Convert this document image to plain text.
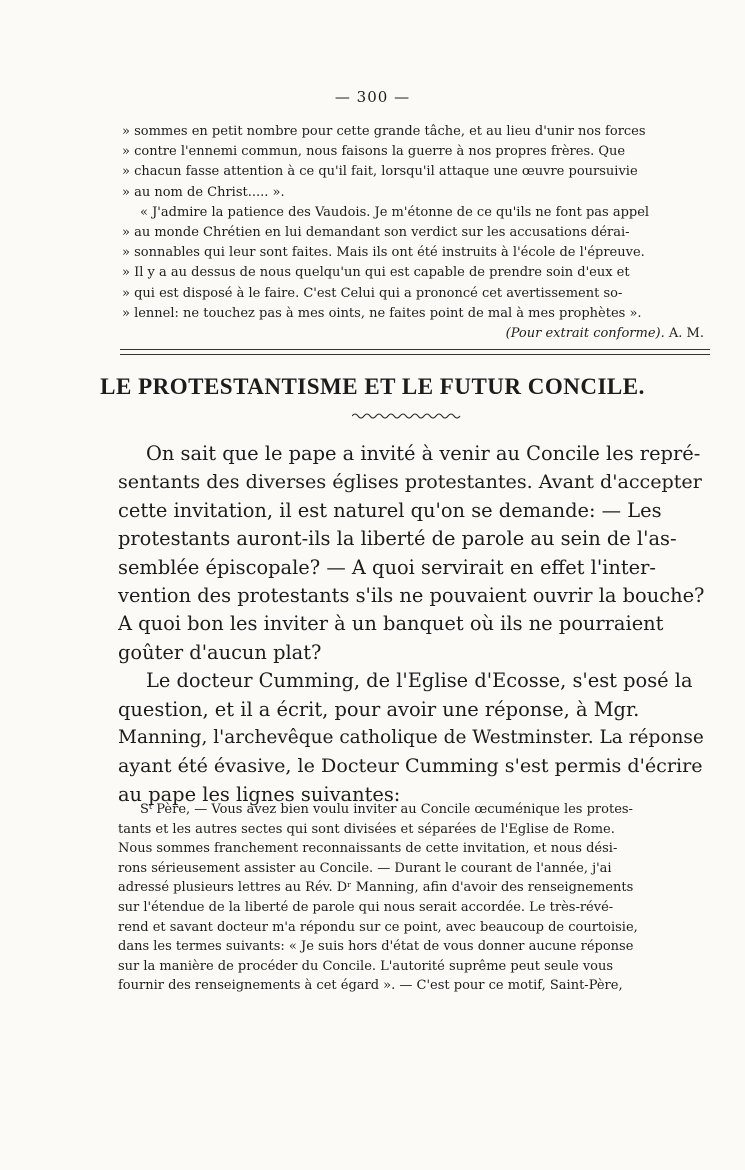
— 300 —
» sommes en petit nombre pour cette grande tâche, et au lieu d'unir nos forces
» contre l'ennemi commun, nous faisons la guerre à nos propres frères. Que
» chacun fasse attention à ce qu'il fait, lorsqu'il attaque une œuvre poursuivie
» au nom de Christ..... ».
« J'admire la patience des Vaudois. Je m'étonne de ce qu'ils ne font pas appel
» au monde Chrétien en lui demandant son verdict sur les accusations dérai-
» sonnables qui leur sont faites. Mais ils ont été instruits à l'école de l'épreuve.
» Il y a au dessus de nous quelqu'un qui est capable de prendre soin d'eux et
» qui est disposé à le faire. C'est Celui qui a prononcé cet avertissement so-
» lennel: ne touchez pas à mes oints, ne faites point de mal à mes prophètes ».
(Pour extrait conforme). A. M.
LE PROTESTANTISME ET LE FUTUR CONCILE.
On sait que le pape a invité à venir au Concile les repré-
sentants des diverses églises protestantes. Avant d'accepter
cette invitation, il est naturel qu'on se demande: — Les
protestants auront-ils la liberté de parole au sein de l'as-
semblée épiscopale? — A quoi servirait en effet l'inter-
vention des protestants s'ils ne pouvaient ouvrir la bouche?
A quoi bon les inviter à un banquet où ils ne pourraient
goûter d'aucun plat?
Le docteur Cumming, de l'Eglise d'Ecosse, s'est posé la
question, et il a écrit, pour avoir une réponse, à Mgr.
Manning, l'archevêque catholique de Westminster. La réponse
ayant été évasive, le Docteur Cumming s'est permis d'écrire
au pape les lignes suivantes:
Sᵗ Père, — Vous avez bien voulu inviter au Concile œcuménique les protes-
tants et les autres sectes qui sont divisées et séparées de l'Eglise de Rome.
Nous sommes franchement reconnaissants de cette invitation, et nous dési-
rons sérieusement assister au Concile. — Durant le courant de l'année, j'ai
adressé plusieurs lettres au Rév. Dʳ Manning, afin d'avoir des renseignements
sur l'étendue de la liberté de parole qui nous serait accordée. Le très-révé-
rend et savant docteur m'a répondu sur ce point, avec beaucoup de courtoisie,
dans les termes suivants: « Je suis hors d'état de vous donner aucune réponse
sur la manière de procéder du Concile. L'autorité suprême peut seule vous
fournir des renseignements à cet égard ». — C'est pour ce motif, Saint-Père,
